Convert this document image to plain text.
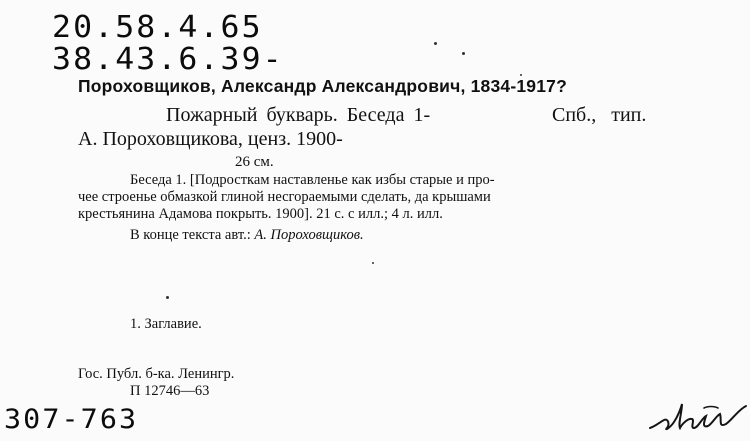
20.58.4.65
38.43.6.39-
Пороховщиков, Александр Александрович, 1834-1917?
Пожарный букварь. Беседа 1-	Спб., тип.
А. Пороховщикова, ценз. 1900-
26 см.
Беседа 1. [Подросткам наставленье как избы старые и про-
чее строенье обмазкой глиной несгораемыми сделать, да крышами
крестьянина Адамова покрыть. 1900]. 21 с. с илл.; 4 л. илл.
В конце текста авт.: А. Пороховщиков.
1. Заглавие.
Гос. Публ. б-ка. Ленингр.
П 12746—63
307-763
